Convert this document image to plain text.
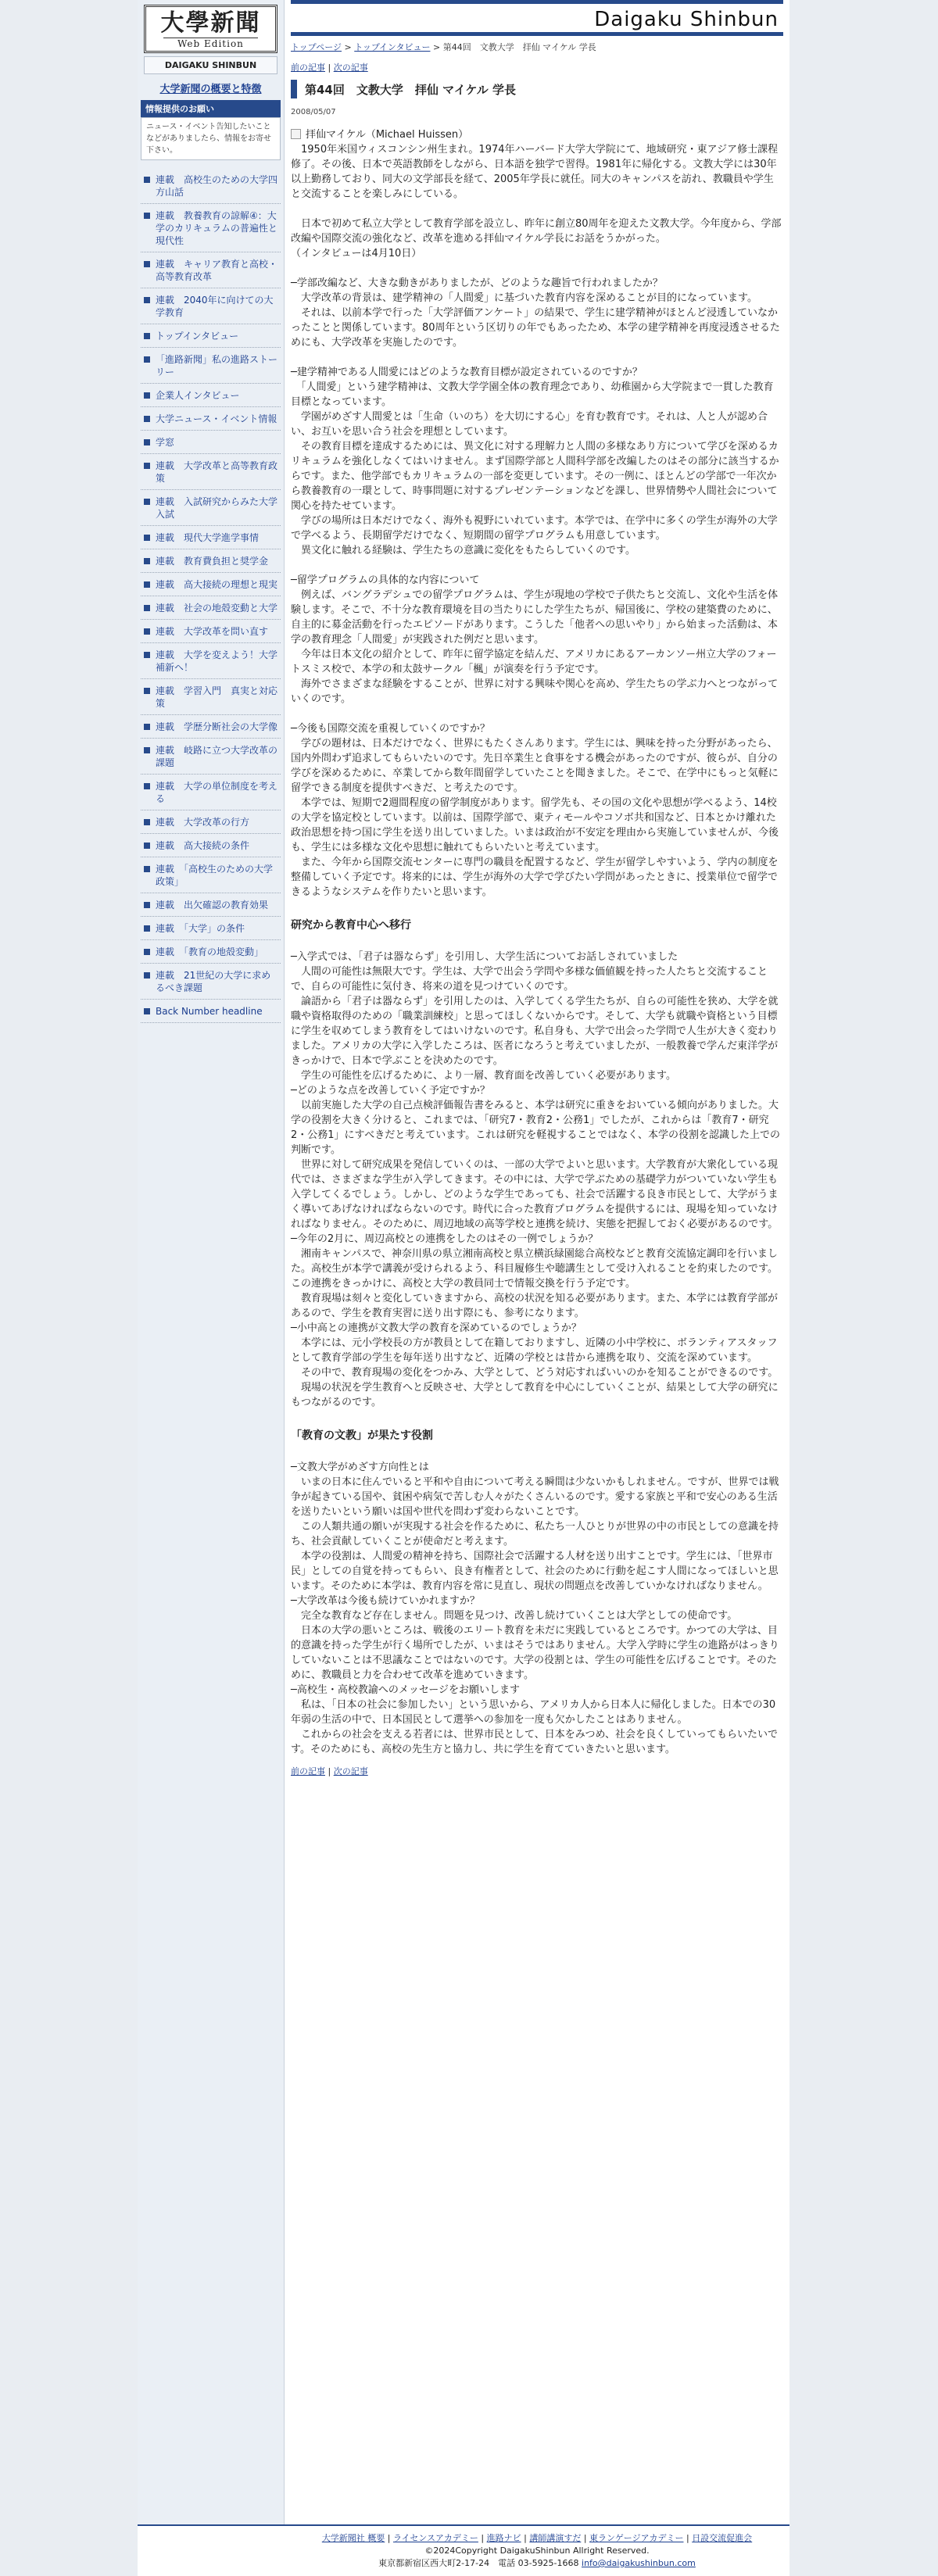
大學新聞
Web Edition
DAIGAKU SHINBUN
大学新聞の概要と特徴
情報提供のお願い
ニュース・イベント告知したいことなどがありましたら、情報をお寄せ下さい。
連載　高校生のための大学四方山話
連載　教養教育の諒解④：大学のカリキュラムの普遍性と現代性
連載　キャリア教育と高校・高等教育改革
連載　2040年に向けての大学教育
トップインタビュー
「進路新聞」私の進路ストーリー
企業人インタビュー
大学ニュース・イベント情報
学窓
連載　大学改革と高等教育政策
連載　入試研究からみた大学入試
連載　現代大学進学事情
連載　教育費負担と奨学金
連載　高大接続の理想と現実
連載　社会の地殻変動と大学
連載　大学改革を問い直す
連載　大学を変えよう！大学補新ヘ！
連載　学習入門　真実と対応策
連載　学歴分断社会の大学像
連載　岐路に立つ大学改革の課題
連載　大学の単位制度を考える
連載　大学改革の行方
連載　高大接続の条件
連載　「高校生のための大学政策」
連載　出欠確認の教育効果
連載　「大学」の条件
連載　「教育の地殻変動」
連載　21世紀の大学に求めるべき課題
Back Number headline
Daigaku Shinbun
トップページ > トップインタビュー > 第44回　文教大学　拝仙 マイケル 学長
前の記事 | 次の記事
第44回　文教大学　拝仙 マイケル 学長
2008/05/07
拝仙マイケル（Michael Huissen）

　1950年米国ウィスコンシン州生まれ。1974年ハーバード大学大学院にて、地域研究・東アジア修士課程修了。その後、日本で英語教師をしながら、日本語を独学で習得。1981年に帰化する。文教大学には30年以上勤務しており、同大の文学部長を経て、2005年学長に就任。同大のキャンパスを訪れ、教職員や学生と交流することを楽しみにしている。

　日本で初めて私立大学として教育学部を設立し、昨年に創立80周年を迎えた文教大学。今年度から、学部改編や国際交流の強化など、改革を進める拝仙マイケル学長にお話をうかがった。

（インタビューは4月10日）

─学部改編など、大きな動きがありましたが、どのような趣旨で行われましたか？

　大学改革の背景は、建学精神の「人間愛」に基づいた教育内容を深めることが目的になっています。

　それは、以前本学で行った「大学評価アンケート」の結果で、学生に建学精神がほとんど浸透していなかったことと関係しています。80周年という区切りの年でもあったため、本学の建学精神を再度浸透させるためにも、大学改革を実施したのです。

─建学精神である人間愛にはどのような教育目標が設定されているのですか？

　「人間愛」という建学精神は、文教大学学園全体の教育理念であり、幼稚園から大学院まで一貫した教育目標となっています。

　学園がめざす人間愛とは「生命（いのち）を大切にする心」を育む教育です。それは、人と人が認め合い、お互いを思い合う社会を理想としています。

　その教育目標を達成するためには、異文化に対する理解力と人間の多様なあり方について学びを深めるカリキュラムを強化しなくてはいけません。まず国際学部と人間科学部を改編したのはその部分に該当するからです。また、他学部でもカリキュラムの一部を変更しています。その一例に、ほとんどの学部で一年次から教養教育の一環として、時事問題に対するプレゼンテーションなどを課し、世界情勢や人間社会について関心を持たせています。

　学びの場所は日本だけでなく、海外も視野にいれています。本学では、在学中に多くの学生が海外の大学で学べるよう、長期留学だけでなく、短期間の留学プログラムも用意しています。

　異文化に触れる経験は、学生たちの意識に変化をもたらしていくのです。

─留学プログラムの具体的な内容について

　例えば、バングラデシュでの留学プログラムは、学生が現地の学校で子供たちと交流し、文化や生活を体験します。そこで、不十分な教育環境を目の当たりにした学生たちが、帰国後に、学校の建築費のために、自主的に募金活動を行ったエピソードがあります。こうした「他者への思いやり」から始まった活動は、本学の教育理念「人間愛」が実践された例だと思います。

　今年は日本文化の紹介として、昨年に留学協定を結んだ、アメリカにあるアーカンソー州立大学のフォートスミス校で、本学の和太鼓サークル「楓」が演奏を行う予定です。

　海外でさまざまな経験をすることが、世界に対する興味や関心を高め、学生たちの学ぶ力へとつながっていくのです。

─今後も国際交流を重視していくのですか？

　学びの題材は、日本だけでなく、世界にもたくさんあります。学生には、興味を持った分野があったら、国内外問わず追求してもらいたいのです。先日卒業生と食事をする機会があったのですが、彼らが、自分の学びを深めるために、卒業してから数年間留学していたことを聞きました。そこで、在学中にもっと気軽に留学できる制度を提供すべきだ、と考えたのです。

　本学では、短期で2週間程度の留学制度があります。留学先も、その国の文化や思想が学べるよう、14校の大学を協定校としています。以前は、国際学部で、東ティモールやコソボ共和国など、日本とかけ離れた政治思想を持つ国に学生を送り出していました。いまは政治が不安定を理由から実施していませんが、今後も、学生には多様な文化や思想に触れてもらいたいと考えています。

　また、今年から国際交流センターに専門の職員を配置するなど、学生が留学しやすいよう、学内の制度を整備していく予定です。将来的には、学生が海外の大学で学びたい学問があったときに、授業単位で留学できるようなシステムを作りたいと思います。

研究から教育中心へ移行

─入学式では、「君子は器ならず」を引用し、大学生活についてお話しされていました

　人間の可能性は無限大です。学生は、大学で出会う学問や多様な価値観を持った人たちと交流することで、自らの可能性に気付き、将来の道を見つけていくのです。

　論語から「君子は器ならず」を引用したのは、入学してくる学生たちが、自らの可能性を狭め、大学を就職や資格取得のための「職業訓練校」と思ってほしくないからです。そして、大学も就職や資格という目標に学生を収めてしまう教育をしてはいけないのです。私自身も、大学で出会った学問で人生が大きく変わりました。アメリカの大学に入学したころは、医者になろうと考えていましたが、一般教養で学んだ東洋学がきっかけで、日本で学ぶことを決めたのです。

　学生の可能性を広げるために、より一層、教育面を改善していく必要があります。

─どのような点を改善していく予定ですか？

　以前実施した大学の自己点検評価報告書をみると、本学は研究に重きをおいている傾向がありました。大学の役割を大きく分けると、これまでは、「研究7・教育2・公務1」でしたが、これからは「教育7・研究2・公務1」にすべきだと考えています。これは研究を軽視することではなく、本学の役割を認識した上での判断です。

　世界に対して研究成果を発信していくのは、一部の大学でよいと思います。大学教育が大衆化している現代では、さまざまな学生が入学してきます。その中には、大学で学ぶための基礎学力がついていない学生も入学してくるでしょう。しかし、どのような学生であっても、社会で活躍する良き市民として、大学がうまく導いてあげなければならないのです。時代に合った教育プログラムを提供するには、現場を知っていなければなりません。そのために、周辺地域の高等学校と連携を続け、実態を把握しておく必要があるのです。

─今年の2月に、周辺高校との連携をしたのはその一例でしょうか？

　湘南キャンパスで、神奈川県の県立湘南高校と県立横浜緑園総合高校などと教育交流協定調印を行いました。高校生が本学で講義が受けられるよう、科目履修生や聴講生として受け入れることを約束したのです。この連携をきっかけに、高校と大学の教員同士で情報交換を行う予定です。

　教育現場は刻々と変化していきますから、高校の状況を知る必要があります。また、本学には教育学部があるので、学生を教育実習に送り出す際にも、参考になります。

─小中高との連携が文教大学の教育を深めているのでしょうか？

　本学には、元小学校長の方が教員として在籍しておりますし、近隣の小中学校に、ボランティアスタッフとして教育学部の学生を毎年送り出すなど、近隣の学校とは昔から連携を取り、交流を深めています。

　その中で、教育現場の変化をつかみ、大学として、どう対応すればいいのかを知ることができるのです。

　現場の状況を学生教育へと反映させ、大学として教育を中心にしていくことが、結果として大学の研究にもつながるのです。

「教育の文教」が果たす役割

─文教大学がめざす方向性とは

　いまの日本に住んでいると平和や自由について考える瞬間は少ないかもしれません。ですが、世界では戦争が起きている国や、貧困や病気で苦しむ人々がたくさんいるのです。愛する家族と平和で安心のある生活を送りたいという願いは国や世代を問わず変わらないことです。

　この人類共通の願いが実現する社会を作るために、私たち一人ひとりが世界の中の市民としての意識を持ち、社会貢献していくことが使命だと考えます。

　本学の役割は、人間愛の精神を持ち、国際社会で活躍する人材を送り出すことです。学生には、「世界市民」としての自覚を持ってもらい、良き有権者として、社会のために行動を起こす人間になってほしいと思います。そのために本学は、教育内容を常に見直し、現状の問題点を改善していかなければなりません。

─大学改革は今後も続けていかれますか？

　完全な教育など存在しません。問題を見つけ、改善し続けていくことは大学としての使命です。

　日本の大学の悪いところは、戦後のエリート教育を未だに実践しているところです。かつての大学は、目的意識を持った学生が行く場所でしたが、いまはそうではありません。大学入学時に学生の進路がはっきりしていないことは不思議なことではないのです。大学の役割とは、学生の可能性を広げることです。そのために、教職員と力を合わせて改革を進めていきます。

─高校生・高校教諭へのメッセージをお願いします

　私は、「日本の社会に参加したい」という思いから、アメリカ人から日本人に帰化しました。日本での30年弱の生活の中で、日本国民として選挙への参加を一度も欠かしたことはありません。

　これからの社会を支える若者には、世界市民として、日本をみつめ、社会を良くしていってもらいたいです。そのためにも、高校の先生方と協力し、共に学生を育てていきたいと思います。

前の記事 | 次の記事
大学新聞社 概要 | ライセンスアカデミー | 進路ナビ | 講師講演すだ | 東ランゲージアカデミー | 日設交流促進会
©2024Copyright DaigakuShinbun Allright Reserved.
東京都新宿区西大町2-17-24　電話 03-5925-1668 info@daigakushinbun.com
